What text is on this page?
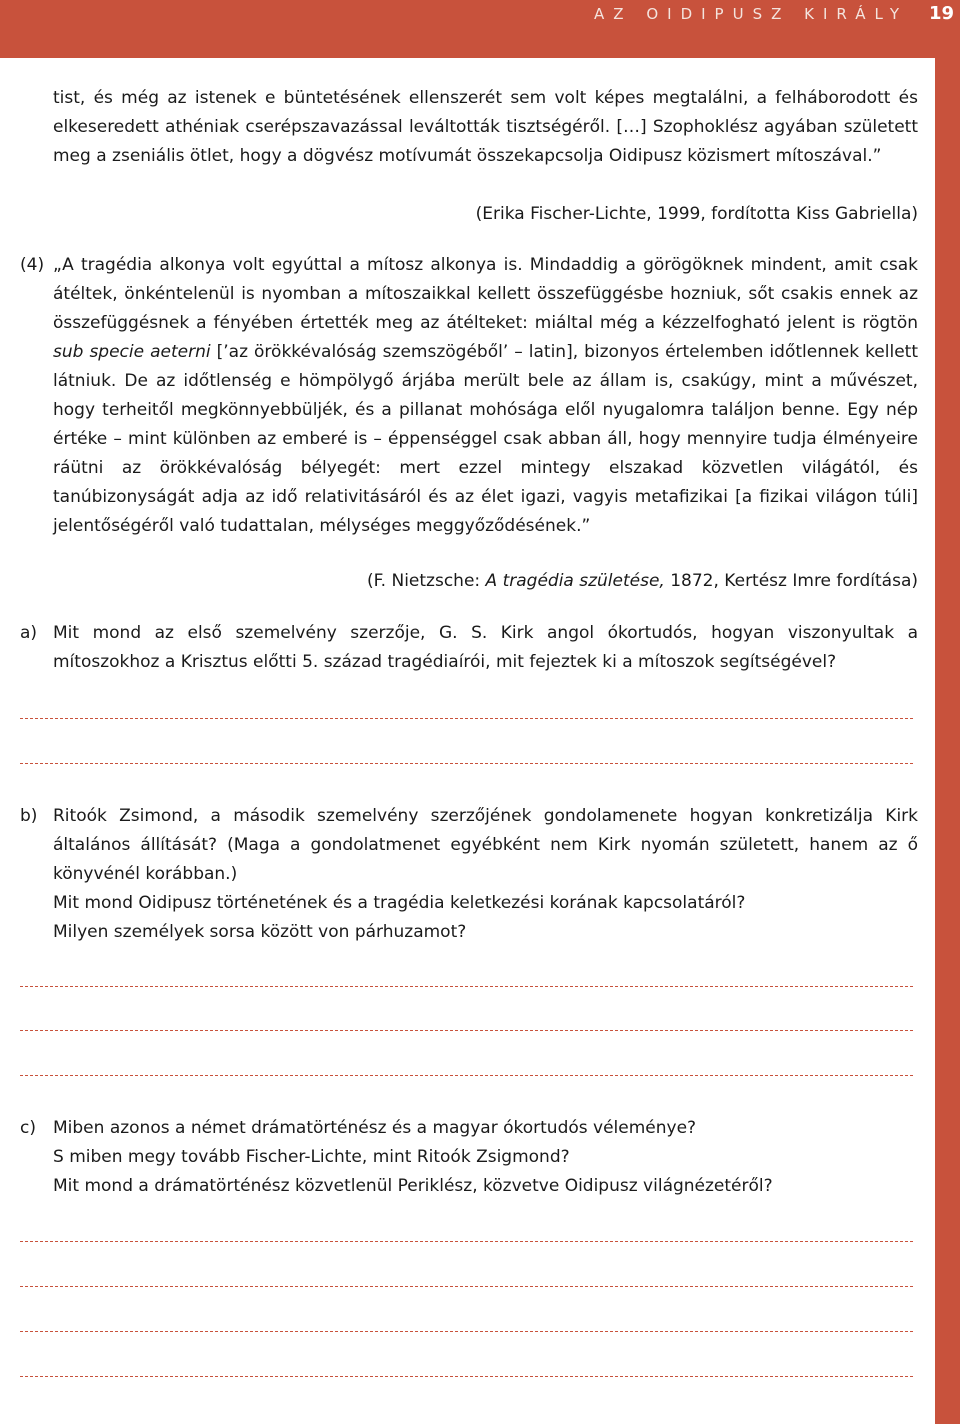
AZ OIDIPUSZ KIRÁLY 19
tist, és még az istenek e büntetésének ellenszerét sem volt képes megtalálni, a felháborodott és elkeseredett athéniak cserépszavazással leváltották tisztségéről. […] Szophoklész agyában született meg a zseniális ötlet, hogy a dögvész motívumát összekapcsolja Oidipusz közismert mítoszával.”
(Erika Fischer-Lichte, 1999, fordította Kiss Gabriella)
(4) „A tragédia alkonya volt egyúttal a mítosz alkonya is. Mindaddig a görögöknek mindent, amit csak átéltek, önkéntelenül is nyomban a mítoszaikkal kellett összefüggésbe hozniuk, sőt csakis ennek az összefüggésnek a fényében értették meg az átélteket: miáltal még a kézzelfogható jelent is rögtön sub specie aeterni [’az örökkévalóság szemszögéből’ – latin], bizonyos értelemben időtlennek kellett látniuk. De az időtlenség e hömpölygő árjába merült bele az állam is, csakúgy, mint a művészet, hogy terheitől megkönnyebbüljék, és a pillanat mohósága elől nyugalomra találjon benne. Egy nép értéke – mint különben az emberé is – éppenséggel csak abban áll, hogy mennyire tudja élményeire ráütni az örökkévalóság bélyegét: mert ezzel mintegy elszakad közvetlen világától, és tanúbizonyságát adja az idő relativitásáról és az élet igazi, vagyis metafizikai [a fizikai világon túli] jelentőségéről való tudattalan, mélységes meggyőződésének.”
(F. Nietzsche: A tragédia születése, 1872, Kertész Imre fordítása)
a) Mit mond az első szemelvény szerzője, G. S. Kirk angol ókortudós, hogyan viszonyultak a mítoszokhoz a Krisztus előtti 5. század tragédiaírói, mit fejeztek ki a mítoszok segítségével?
b) Ritoók Zsimond, a második szemelvény szerzőjének gondolamenete hogyan konkretizálja Kirk általános állítását? (Maga a gondolatmenet egyébként nem Kirk nyomán született, hanem az ő könyvénél korábban.)
Mit mond Oidipusz történetének és a tragédia keletkezési korának kapcsolatáról?
Milyen személyek sorsa között von párhuzamot?
c) Miben azonos a német drámatörténész és a magyar ókortudós véleménye?
S miben megy tovább Fischer-Lichte, mint Ritoók Zsigmond?
Mit mond a drámatörténész közvetlenül Periklész, közvetve Oidipusz világnézetéről?
